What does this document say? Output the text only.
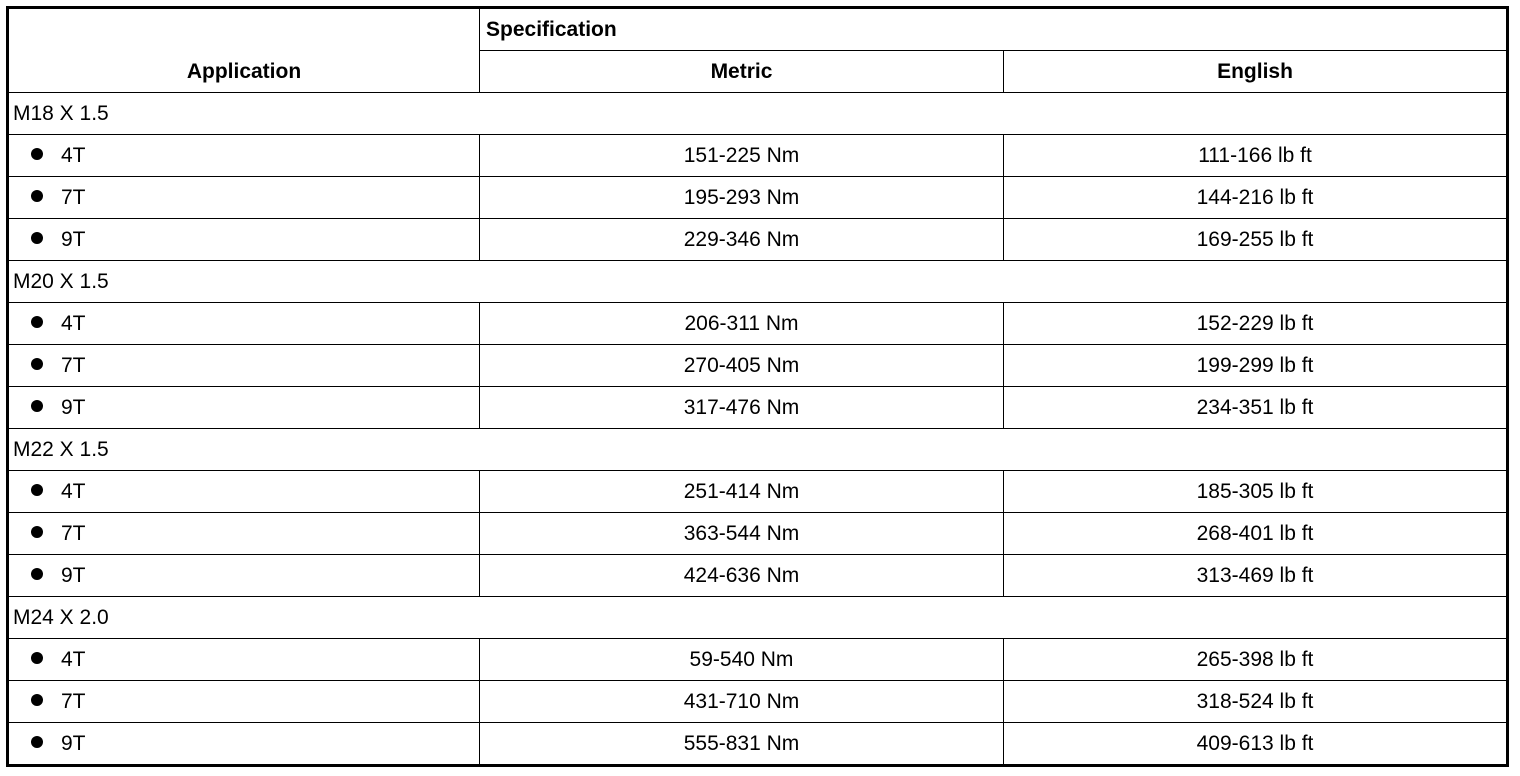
Application	Specification	
	Metric	English
M18 X 1.5		
4T	151-225 Nm	111-166 lb ft
7T	195-293 Nm	144-216 lb ft
9T	229-346 Nm	169-255 lb ft
M20 X 1.5		
4T	206-311 Nm	152-229 lb ft
7T	270-405 Nm	199-299 lb ft
9T	317-476 Nm	234-351 lb ft
M22 X 1.5		
4T	251-414 Nm	185-305 lb ft
7T	363-544 Nm	268-401 lb ft
9T	424-636 Nm	313-469 lb ft
M24 X 2.0		
4T	59-540 Nm	265-398 lb ft
7T	431-710 Nm	318-524 lb ft
9T	555-831 Nm	409-613 lb ft
